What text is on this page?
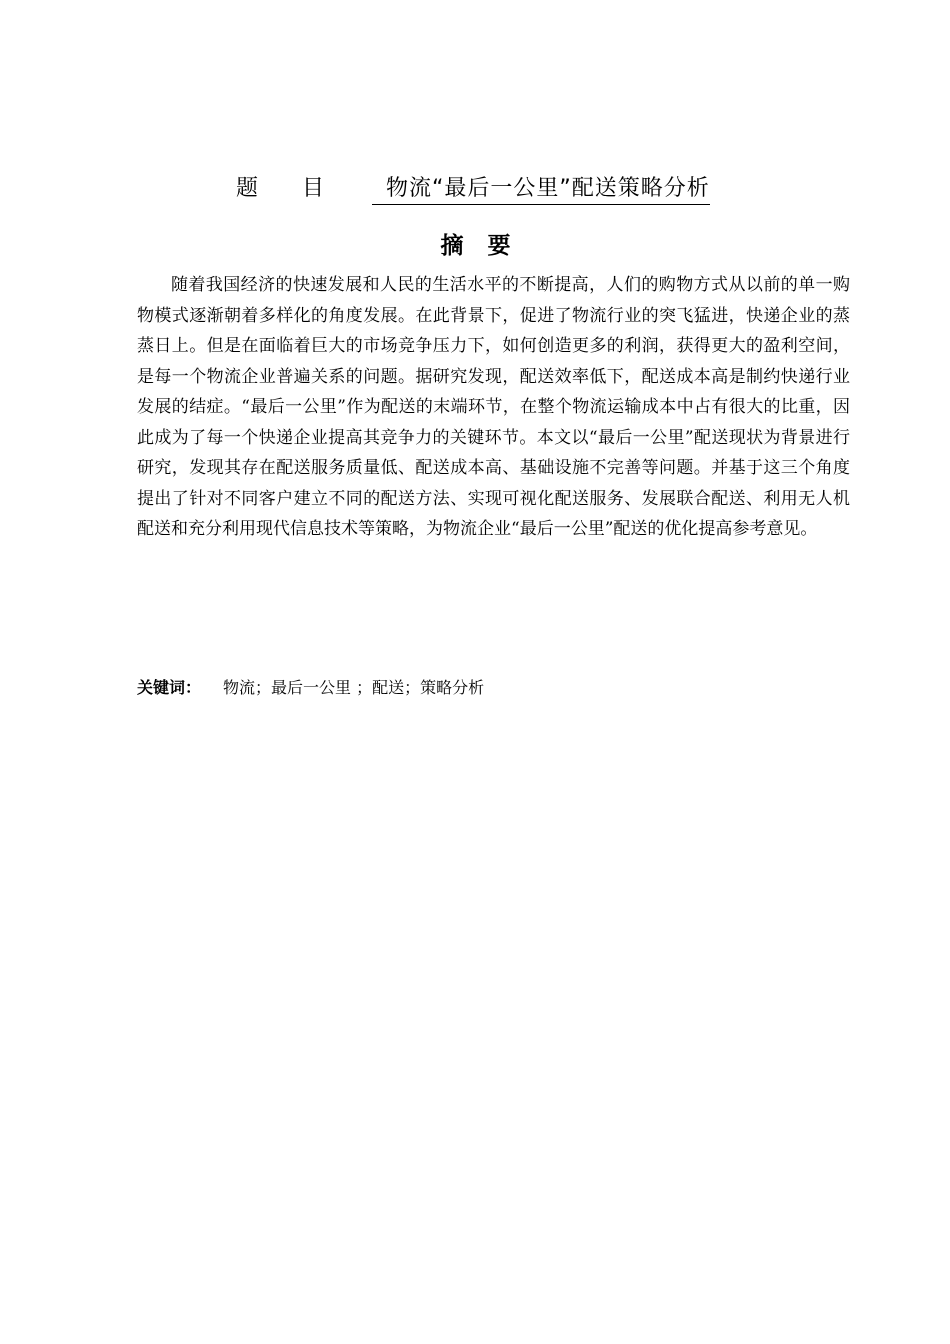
题目 物流“最后一公里”配送策略分析
摘要

随着我国经济的快速发展和人民的生活水平的不断提高，人们的购物方式从以前的单一购物模式逐渐朝着多样化的角度发展。在此背景下，促进了物流行业的突飞猛进，快递企业的蒸蒸日上。但是在面临着巨大的市场竞争压力下，如何创造更多的利润，获得更大的盈利空间，是每一个物流企业普遍关系的问题。据研究发现，配送效率低下，配送成本高是制约快递行业发展的结症。“最后一公里”作为配送的末端环节，在整个物流运输成本中占有很大的比重，因此成为了每一个快递企业提高其竞争力的关键环节。本文以“最后一公里”配送现状为背景进行研究，发现其存在配送服务质量低、配送成本高、基础设施不完善等问题。并基于这三个角度提出了针对不同客户建立不同的配送方法、实现可视化配送服务、发展联合配送、利用无人机配送和充分利用现代信息技术等策略，为物流企业“最后一公里”配送的优化提高参考意见。

关键词： 物流；最后一公里 ；配送；策略分析
